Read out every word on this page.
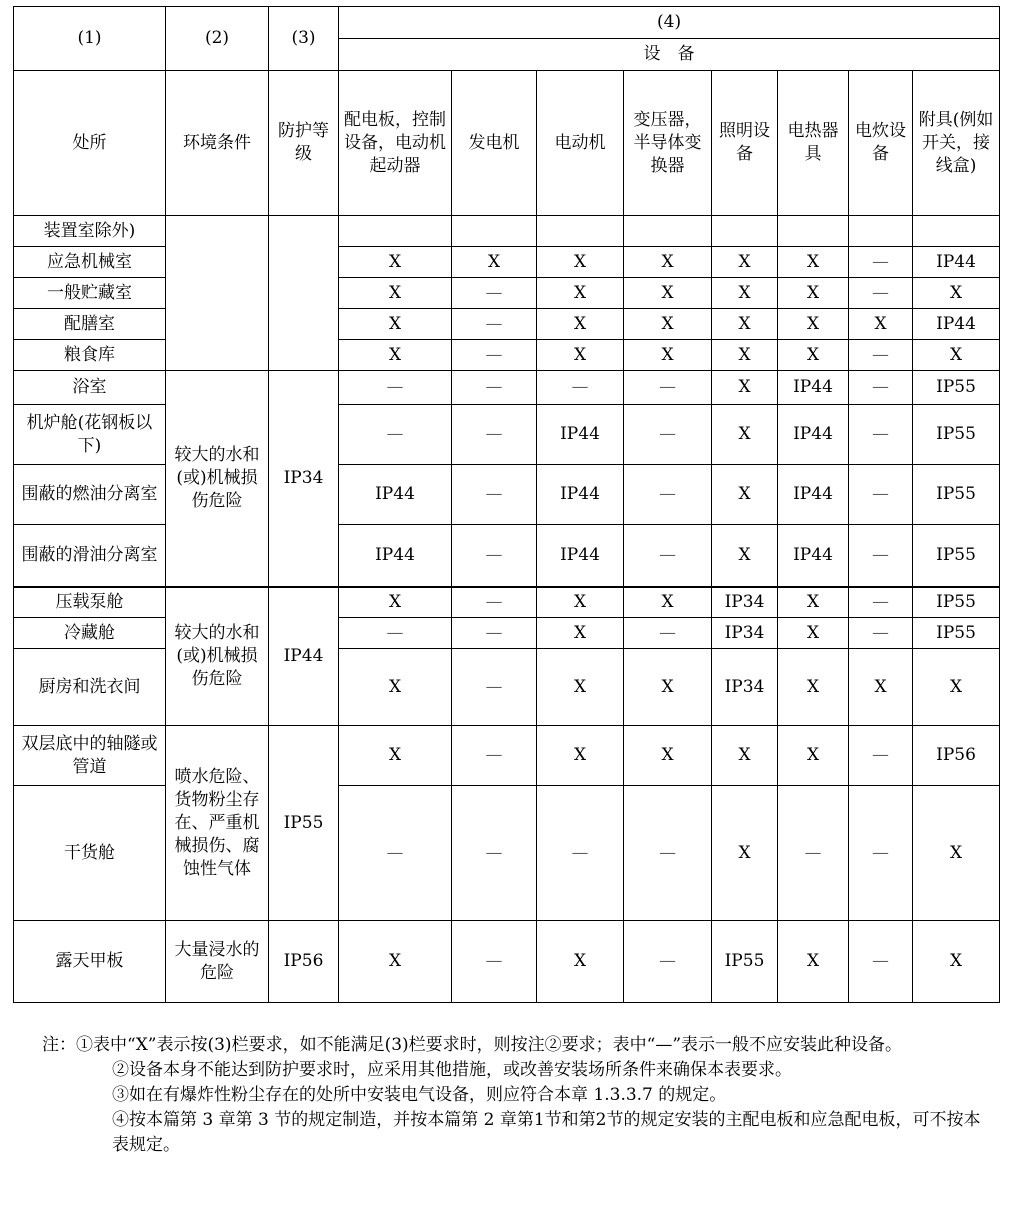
(1)	(2)	(3)	(4)							
			设　备							
处所	环境条件	防护等级	配电板，控制设备，电动机起动器	发电机	电动机	变压器，半导体变换器	照明设备	电热器具	电炊设备	附具(例如开关，接线盒)
装置室除外)										
应急机械室			X	X	X	X	X	X	—	IP44
一般贮藏室			X	—	X	X	X	X	—	X
配膳室			X	—	X	X	X	X	X	IP44
粮食库			X	—	X	X	X	X	—	X
浴室	较大的水和(或)机械损伤危险	IP34	—	—	—	—	X	IP44	—	IP55
机炉舱(花钢板以下)			—	—	IP44	—	X	IP44	—	IP55
围蔽的燃油分离室			IP44	—	IP44	—	X	IP44	—	IP55
围蔽的滑油分离室			IP44	—	IP44	—	X	IP44	—	IP55
压载泵舱	较大的水和(或)机械损伤危险	IP44	X	—	X	X	IP34	X	—	IP55
冷藏舱			—	—	X	—	IP34	X	—	IP55
厨房和洗衣间			X	—	X	X	IP34	X	X	X
双层底中的轴隧或管道	喷水危险、货物粉尘存在、严重机械损伤、腐蚀性气体	IP55	X	—	X	X	X	X	—	IP56
干货舱			—	—	—	—	X	—	—	X
露天甲板	大量浸水的危险	IP56	X	—	X	—	IP55	X	—	X

注：①表中“X”表示按(3)栏要求，如不能满足(3)栏要求时，则按注②要求；表中“—”表示一般不应安装此种设备。

②设备本身不能达到防护要求时，应采用其他措施，或改善安装场所条件来确保本表要求。

③如在有爆炸性粉尘存在的处所中安装电气设备，则应符合本章 1.3.3.7 的规定。

④按本篇第 3 章第 3 节的规定制造，并按本篇第 2 章第1节和第2节的规定安装的主配电板和应急配电板，可不按本表规定。
